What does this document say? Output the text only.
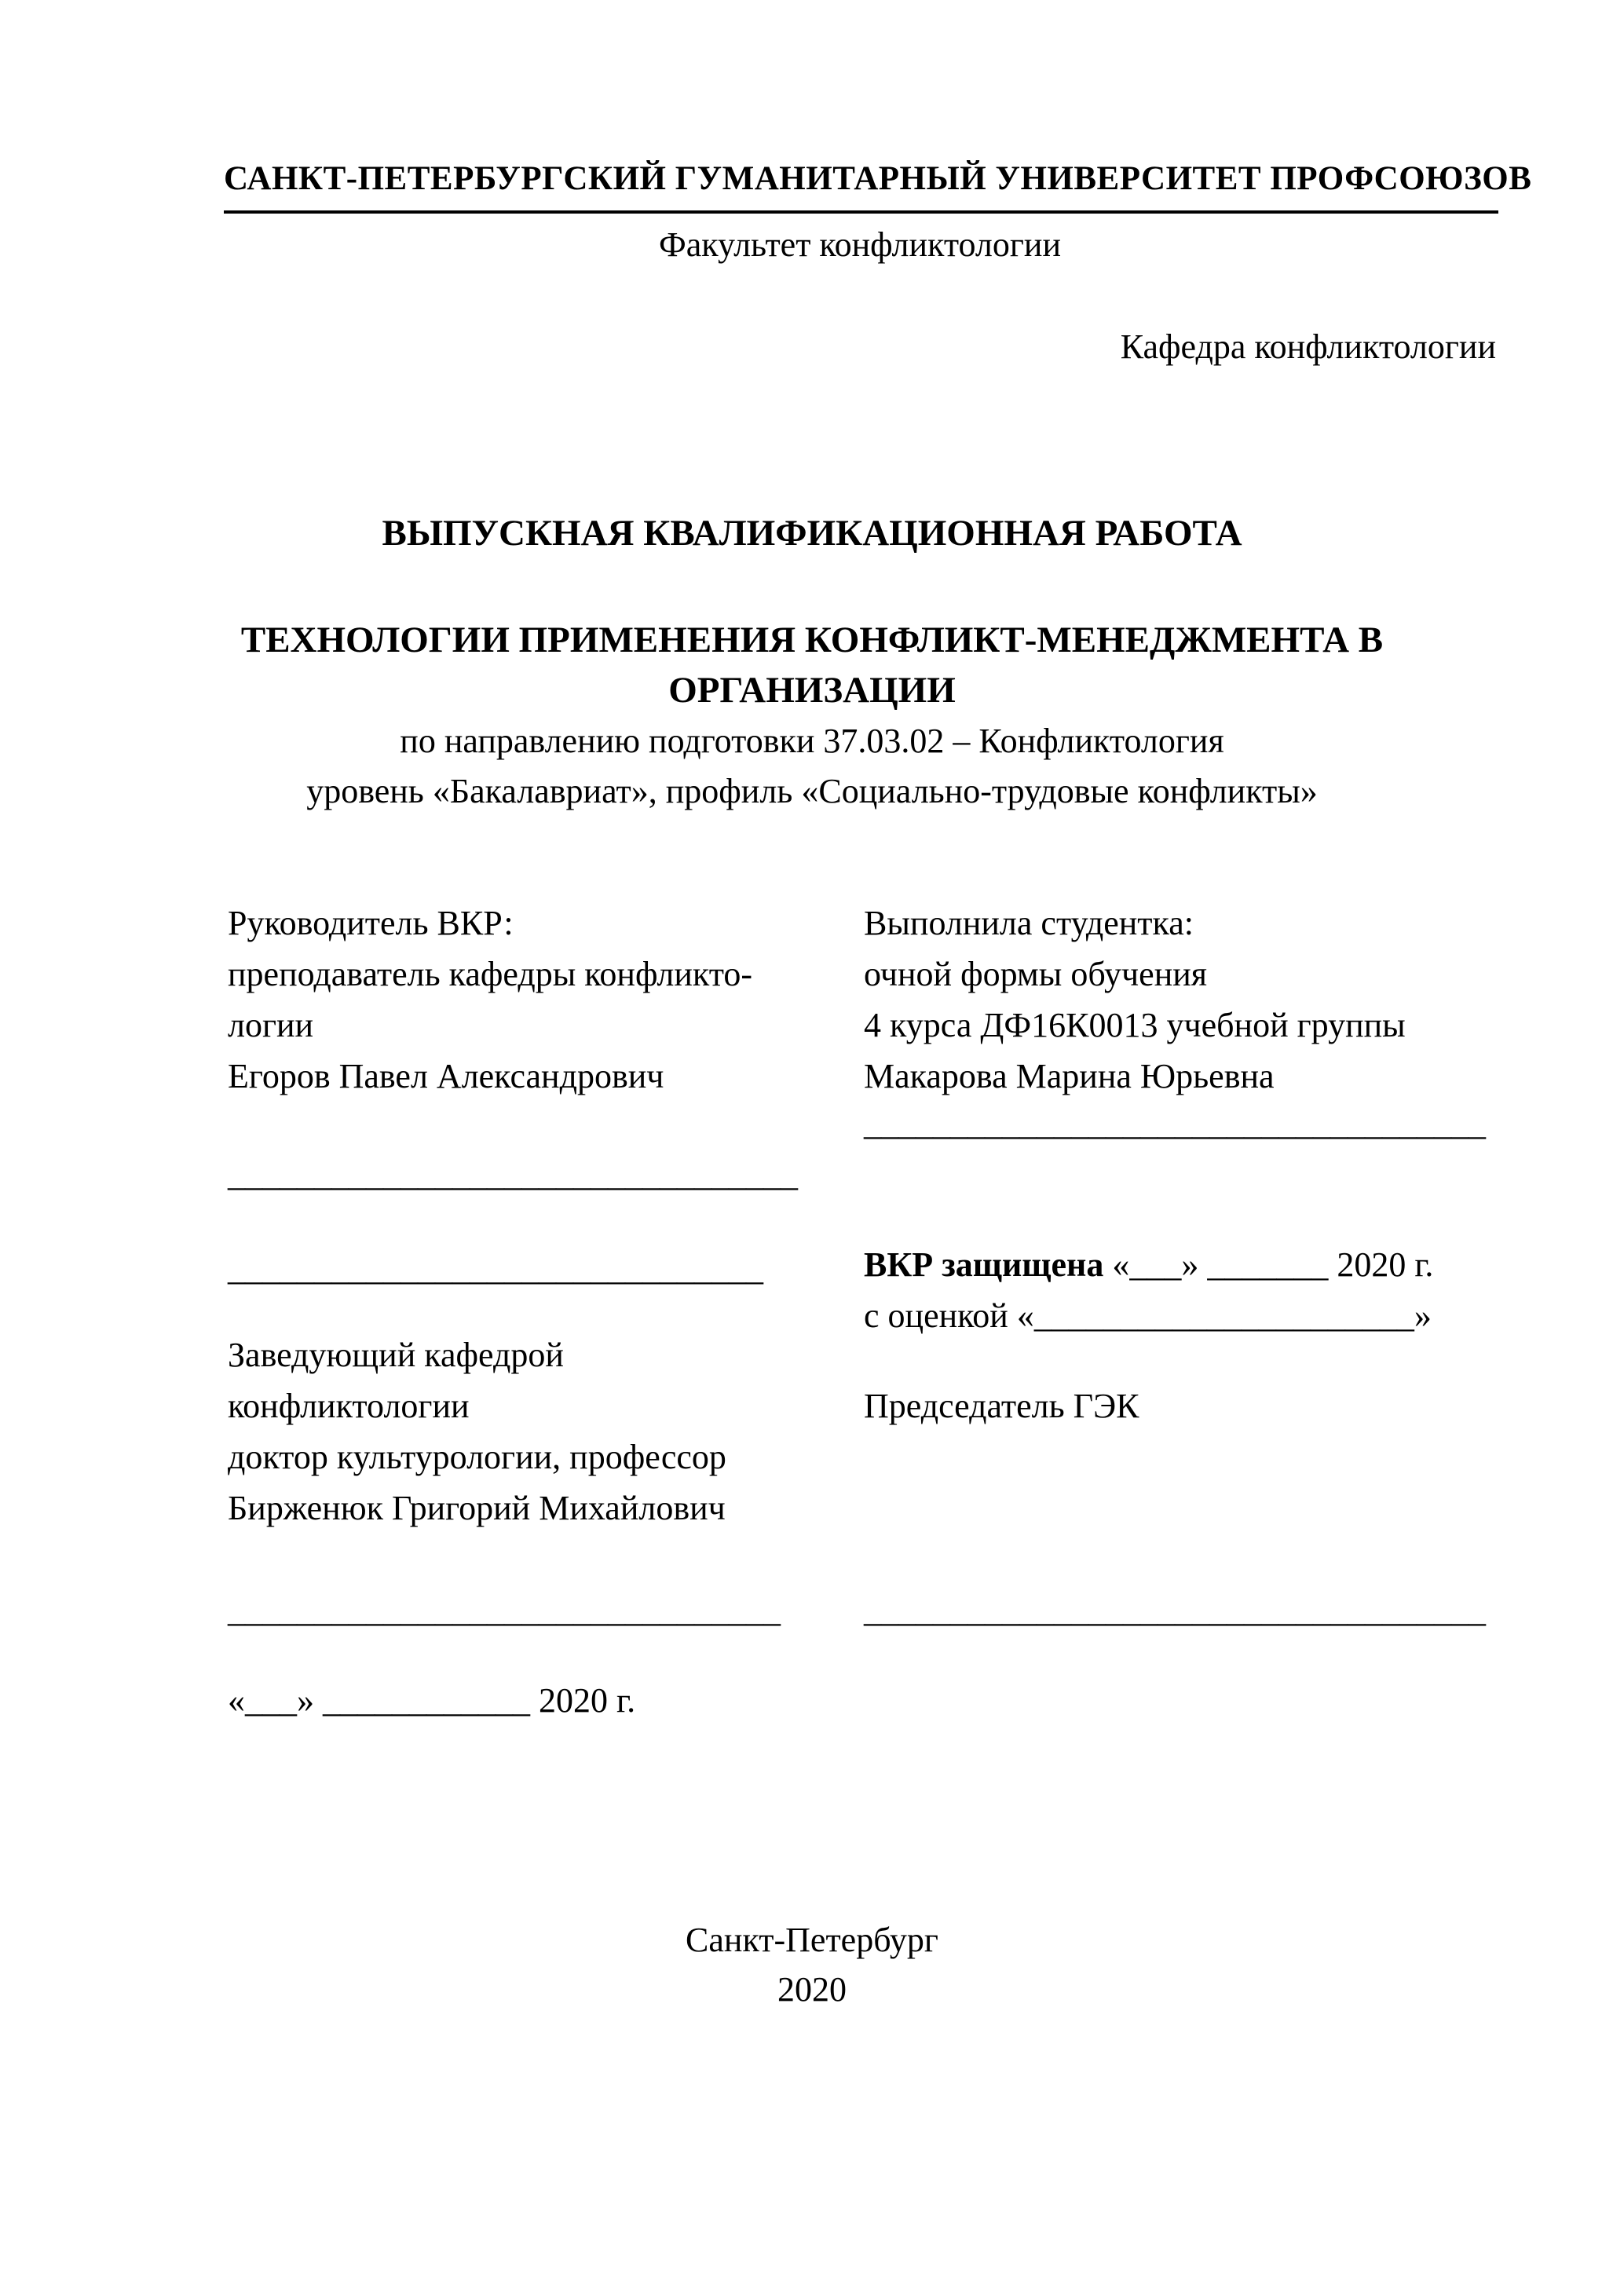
САНКТ-ПЕТЕРБУРГСКИЙ ГУМАНИТАРНЫЙ УНИВЕРСИТЕТ ПРОФСОЮЗОВ
Факультет конфликтологии
Кафедра конфликтологии
ВЫПУСКНАЯ КВАЛИФИКАЦИОННАЯ РАБОТА
ТЕХНОЛОГИИ ПРИМЕНЕНИЯ КОНФЛИКТ-МЕНЕДЖМЕНТА В
ОРГАНИЗАЦИИ
по направлению подготовки 37.03.02 – Конфликтология
уровень «Бакалавриат», профиль «Социально-трудовые конфликты»
Руководитель ВКР:
преподаватель кафедры конфликто-
логии
Егоров Павел Александрович
_________________________________
_______________________________
Заведующий кафедрой
конфликтологии
доктор культурологии, профессор
Бирженюк Григорий Михайлович
________________________________
«___» ____________ 2020 г.
Выполнила студентка:
очной формы обучения
4 курса ДФ16К0013 учебной группы
Макарова Марина Юрьевна
____________________________________
ВКР защищена «___» _______ 2020 г.
с оценкой «______________________»
Председатель ГЭК
____________________________________
Санкт-Петербург
2020
